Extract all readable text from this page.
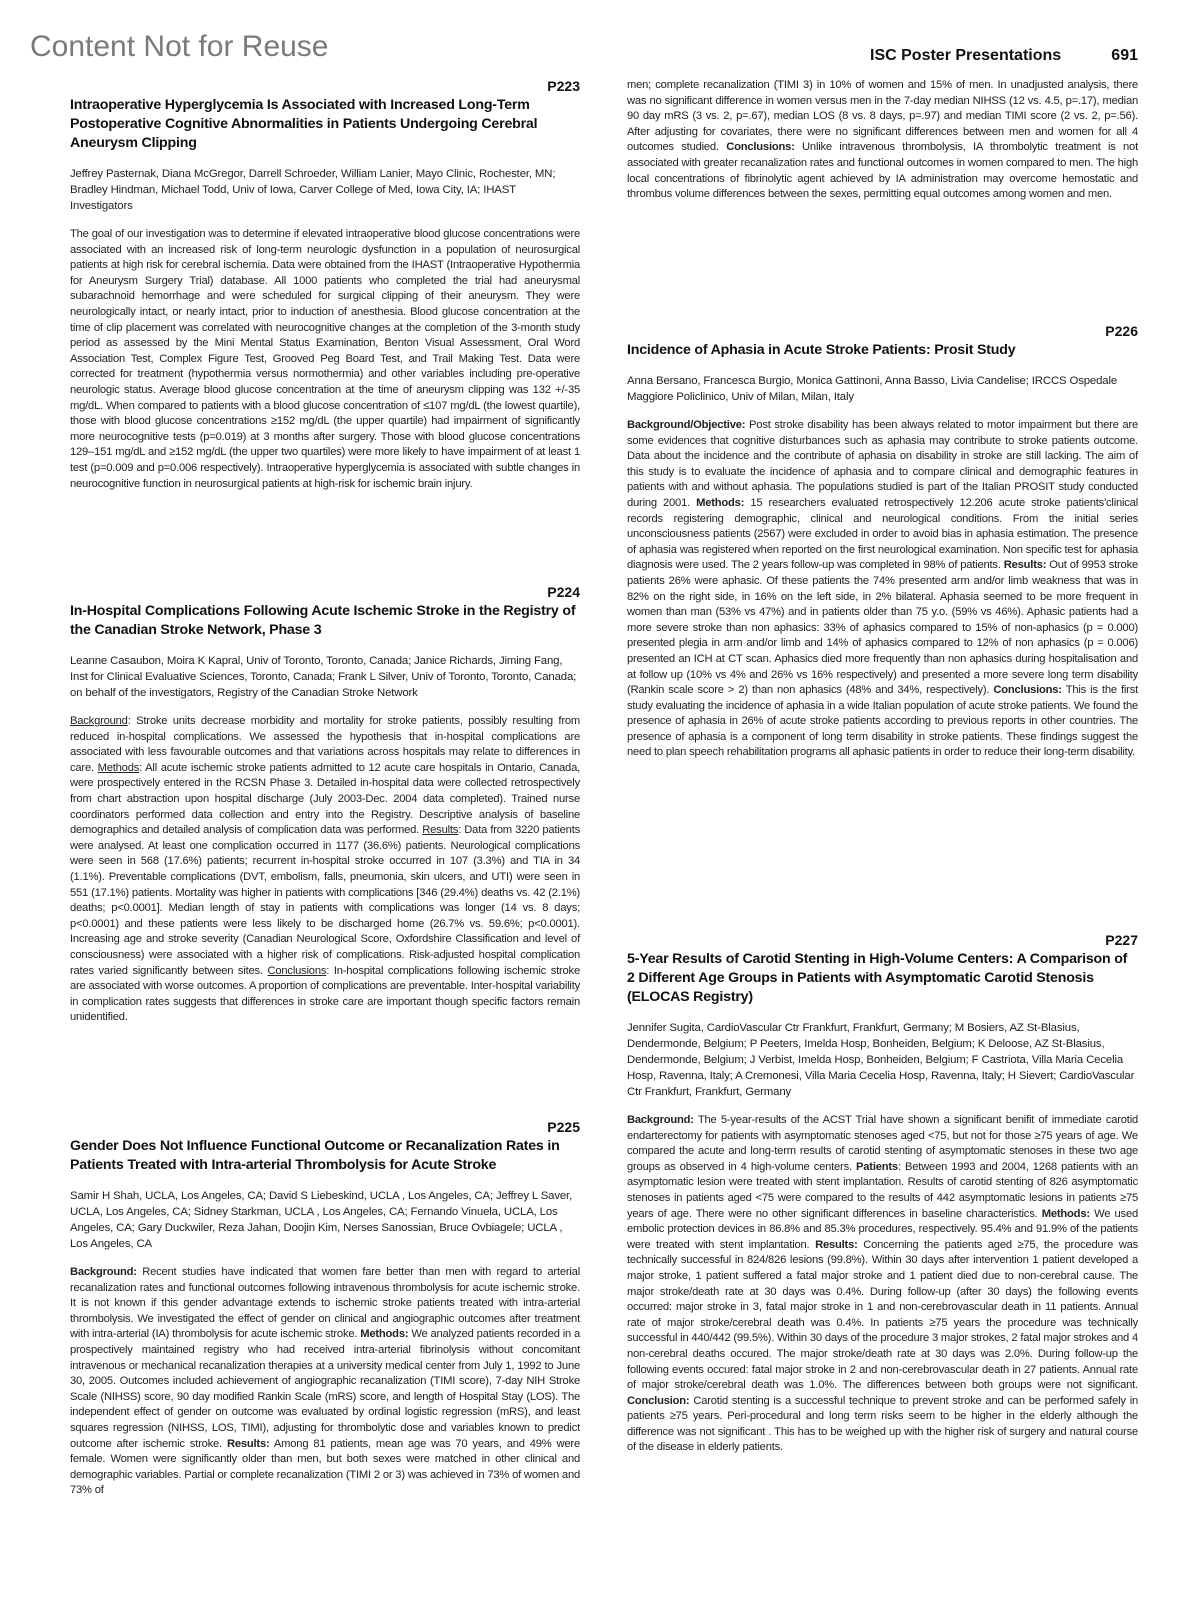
Content Not for Reuse	ISC Poster Presentations	691
P223
Intraoperative Hyperglycemia Is Associated with Increased Long-Term Postoperative Cognitive Abnormalities in Patients Undergoing Cerebral Aneurysm Clipping
Jeffrey Pasternak, Diana McGregor, Darrell Schroeder, William Lanier, Mayo Clinic, Rochester, MN; Bradley Hindman, Michael Todd, Univ of Iowa, Carver College of Med, Iowa City, IA; IHAST Investigators
The goal of our investigation was to determine if elevated intraoperative blood glucose concentrations were associated with an increased risk of long-term neurologic dysfunction in a population of neurosurgical patients at high risk for cerebral ischemia. Data were obtained from the IHAST (Intraoperative Hypothermia for Aneurysm Surgery Trial) database. All 1000 patients who completed the trial had aneurysmal subarachnoid hemorrhage and were scheduled for surgical clipping of their aneurysm. They were neurologically intact, or nearly intact, prior to induction of anesthesia. Blood glucose concentration at the time of clip placement was correlated with neurocognitive changes at the completion of the 3-month study period as assessed by the Mini Mental Status Examination, Benton Visual Assessment, Oral Word Association Test, Complex Figure Test, Grooved Peg Board Test, and Trail Making Test. Data were corrected for treatment (hypothermia versus normothermia) and other variables including pre-operative neurologic status. Average blood glucose concentration at the time of aneurysm clipping was 132 +/-35 mg/dL. When compared to patients with a blood glucose concentration of ≤107 mg/dL (the lowest quartile), those with blood glucose concentrations ≥152 mg/dL (the upper quartile) had impairment of significantly more neurocognitive tests (p=0.019) at 3 months after surgery. Those with blood glucose concentrations 129–151 mg/dL and ≥152 mg/dL (the upper two quartiles) were more likely to have impairment of at least 1 test (p=0.009 and p=0.006 respectively). Intraoperative hyperglycemia is associated with subtle changes in neurocognitive function in neurosurgical patients at high-risk for ischemic brain injury.
P224
In-Hospital Complications Following Acute Ischemic Stroke in the Registry of the Canadian Stroke Network, Phase 3
Leanne Casaubon, Moira K Kapral, Univ of Toronto, Toronto, Canada; Janice Richards, Jiming Fang, Inst for Clinical Evaluative Sciences, Toronto, Canada; Frank L Silver, Univ of Toronto, Toronto, Canada; on behalf of the investigators, Registry of the Canadian Stroke Network
Background: Stroke units decrease morbidity and mortality for stroke patients, possibly resulting from reduced in-hospital complications. We assessed the hypothesis that in-hospital complications are associated with less favourable outcomes and that variations across hospitals may relate to differences in care. Methods: All acute ischemic stroke patients admitted to 12 acute care hospitals in Ontario, Canada, were prospectively entered in the RCSN Phase 3. Detailed in-hospital data were collected retrospectively from chart abstraction upon hospital discharge (July 2003-Dec. 2004 data completed). Trained nurse coordinators performed data collection and entry into the Registry. Descriptive analysis of baseline demographics and detailed analysis of complication data was performed. Results: Data from 3220 patients were analysed. At least one complication occurred in 1177 (36.6%) patients. Neurological complications were seen in 568 (17.6%) patients; recurrent in-hospital stroke occurred in 107 (3.3%) and TIA in 34 (1.1%). Preventable complications (DVT, embolism, falls, pneumonia, skin ulcers, and UTI) were seen in 551 (17.1%) patients. Mortality was higher in patients with complications [346 (29.4%) deaths vs. 42 (2.1%) deaths; p<0.0001]. Median length of stay in patients with complications was longer (14 vs. 8 days; p<0.0001) and these patients were less likely to be discharged home (26.7% vs. 59.6%; p<0.0001). Increasing age and stroke severity (Canadian Neurological Score, Oxfordshire Classification and level of consciousness) were associated with a higher risk of complications. Risk-adjusted hospital complication rates varied significantly between sites. Conclusions: In-hospital complications following ischemic stroke are associated with worse outcomes. A proportion of complications are preventable. Inter-hospital variability in complication rates suggests that differences in stroke care are important though specific factors remain unidentified.
P225
Gender Does Not Influence Functional Outcome or Recanalization Rates in Patients Treated with Intra-arterial Thrombolysis for Acute Stroke
Samir H Shah, UCLA, Los Angeles, CA; David S Liebeskind, UCLA , Los Angeles, CA; Jeffrey L Saver, UCLA, Los Angeles, CA; Sidney Starkman, UCLA , Los Angeles, CA; Fernando Vinuela, UCLA, Los Angeles, CA; Gary Duckwiler, Reza Jahan, Doojin Kim, Nerses Sanossian, Bruce Ovbiagele; UCLA , Los Angeles, CA
Background: Recent studies have indicated that women fare better than men with regard to arterial recanalization rates and functional outcomes following intravenous thrombolysis for acute ischemic stroke. It is not known if this gender advantage extends to ischemic stroke patients treated with intra-arterial thrombolysis. We investigated the effect of gender on clinical and angiographic outcomes after treatment with intra-arterial (IA) thrombolysis for acute ischemic stroke. Methods: We analyzed patients recorded in a prospectively maintained registry who had received intra-arterial fibrinolysis without concomitant intravenous or mechanical recanalization therapies at a university medical center from July 1, 1992 to June 30, 2005. Outcomes included achievement of angiographic recanalization (TIMI score), 7-day NIH Stroke Scale (NIHSS) score, 90 day modified Rankin Scale (mRS) score, and length of Hospital Stay (LOS). The independent effect of gender on outcome was evaluated by ordinal logistic regression (mRS), and least squares regression (NIHSS, LOS, TIMI), adjusting for thrombolytic dose and variables known to predict outcome after ischemic stroke. Results: Among 81 patients, mean age was 70 years, and 49% were female. Women were significantly older than men, but both sexes were matched in other clinical and demographic variables. Partial or complete recanalization (TIMI 2 or 3) was achieved in 73% of women and 73% of
men; complete recanalization (TIMI 3) in 10% of women and 15% of men. In unadjusted analysis, there was no significant difference in women versus men in the 7-day median NIHSS (12 vs. 4.5, p=.17), median 90 day mRS (3 vs. 2, p=.67), median LOS (8 vs. 8 days, p=.97) and median TIMI score (2 vs. 2, p=.56). After adjusting for covariates, there were no significant differences between men and women for all 4 outcomes studied. Conclusions: Unlike intravenous thrombolysis, IA thrombolytic treatment is not associated with greater recanalization rates and functional outcomes in women compared to men. The high local concentrations of fibrinolytic agent achieved by IA administration may overcome hemostatic and thrombus volume differences between the sexes, permitting equal outcomes among women and men.
P226
Incidence of Aphasia in Acute Stroke Patients: Prosit Study
Anna Bersano, Francesca Burgio, Monica Gattinoni, Anna Basso, Livia Candelise; IRCCS Ospedale Maggiore Policlinico, Univ of Milan, Milan, Italy
Background/Objective: Post stroke disability has been always related to motor impairment but there are some evidences that cognitive disturbances such as aphasia may contribute to stroke patients outcome. Data about the incidence and the contribute of aphasia on disability in stroke are still lacking. The aim of this study is to evaluate the incidence of aphasia and to compare clinical and demographic features in patients with and without aphasia. The populations studied is part of the Italian PROSIT study conducted during 2001. Methods: 15 researchers evaluated retrospectively 12.206 acute stroke patients'clinical records registering demographic, clinical and neurological conditions. From the initial series unconsciousness patients (2567) were excluded in order to avoid bias in aphasia estimation. The presence of aphasia was registered when reported on the first neurological examination. Non specific test for aphasia diagnosis were used. The 2 years follow-up was completed in 98% of patients. Results: Out of 9953 stroke patients 26% were aphasic. Of these patients the 74% presented arm and/or limb weakness that was in 82% on the right side, in 16% on the left side, in 2% bilateral. Aphasia seemed to be more frequent in women than man (53% vs 47%) and in patients older than 75 y.o. (59% vs 46%). Aphasic patients had a more severe stroke than non aphasics: 33% of aphasics compared to 15% of non-aphasics (p = 0.000) presented plegia in arm and/or limb and 14% of aphasics compared to 12% of non aphasics (p = 0.006) presented an ICH at CT scan. Aphasics died more frequently than non aphasics during hospitalisation and at follow up (10% vs 4% and 26% vs 16% respectively) and presented a more severe long term disability (Rankin scale score > 2) than non aphasics (48% and 34%, respectively). Conclusions: This is the first study evaluating the incidence of aphasia in a wide Italian population of acute stroke patients. We found the presence of aphasia in 26% of acute stroke patients according to previous reports in other countries. The presence of aphasia is a component of long term disability in stroke patients. These findings suggest the need to plan speech rehabilitation programs all aphasic patients in order to reduce their long-term disability.
P227
5-Year Results of Carotid Stenting in High-Volume Centers: A Comparison of 2 Different Age Groups in Patients with Asymptomatic Carotid Stenosis (ELOCAS Registry)
Jennifer Sugita, CardioVascular Ctr Frankfurt, Frankfurt, Germany; M Bosiers, AZ St-Blasius, Dendermonde, Belgium; P Peeters, Imelda Hosp, Bonheiden, Belgium; K Deloose, AZ St-Blasius, Dendermonde, Belgium; J Verbist, Imelda Hosp, Bonheiden, Belgium; F Castriota, Villa Maria Cecelia Hosp, Ravenna, Italy; A Cremonesi, Villa Maria Cecelia Hosp, Ravenna, Italy; H Sievert; CardioVascular Ctr Frankfurt, Frankfurt, Germany
Background: The 5-year-results of the ACST Trial have shown a significant benifit of immediate carotid endarterectomy for patients with asymptomatic stenoses aged <75, but not for those ≥75 years of age. We compared the acute and long-term results of carotid stenting of asymptomatic stenoses in these two age groups as observed in 4 high-volume centers. Patients: Between 1993 and 2004, 1268 patients with an asymptomatic lesion were treated with stent implantation. Results of carotid stenting of 826 asymptomatic stenoses in patients aged <75 were compared to the results of 442 asymptomatic lesions in patients ≥75 years of age. There were no other significant differences in baseline characteristics. Methods: We used embolic protection devices in 86.8% and 85.3% procedures, respectively. 95.4% and 91.9% of the patients were treated with stent implantation. Results: Concerning the patients aged ≥75, the procedure was technically successful in 824/826 lesions (99.8%). Within 30 days after intervention 1 patient developed a major stroke, 1 patient suffered a fatal major stroke and 1 patient died due to non-cerebral cause. The major stroke/death rate at 30 days was 0.4%. During follow-up (after 30 days) the following events occurred: major stroke in 3, fatal major stroke in 1 and non-cerebrovascular death in 11 patients. Annual rate of major stroke/cerebral death was 0.4%. In patients ≥75 years the procedure was technically successful in 440/442 (99.5%). Within 30 days of the procedure 3 major strokes, 2 fatal major strokes and 4 non-cerebral deaths occured. The major stroke/death rate at 30 days was 2.0%. During follow-up the following events occured: fatal major stroke in 2 and non-cerebrovascular death in 27 patients. Annual rate of major stroke/cerebral death was 1.0%. The differences between both groups were not significant. Conclusion: Carotid stenting is a successful technique to prevent stroke and can be performed safely in patients ≥75 years. Peri-procedural and long term risks seem to be higher in the elderly although the difference was not significant . This has to be weighed up with the higher risk of surgery and natural course of the disease in elderly patients.
